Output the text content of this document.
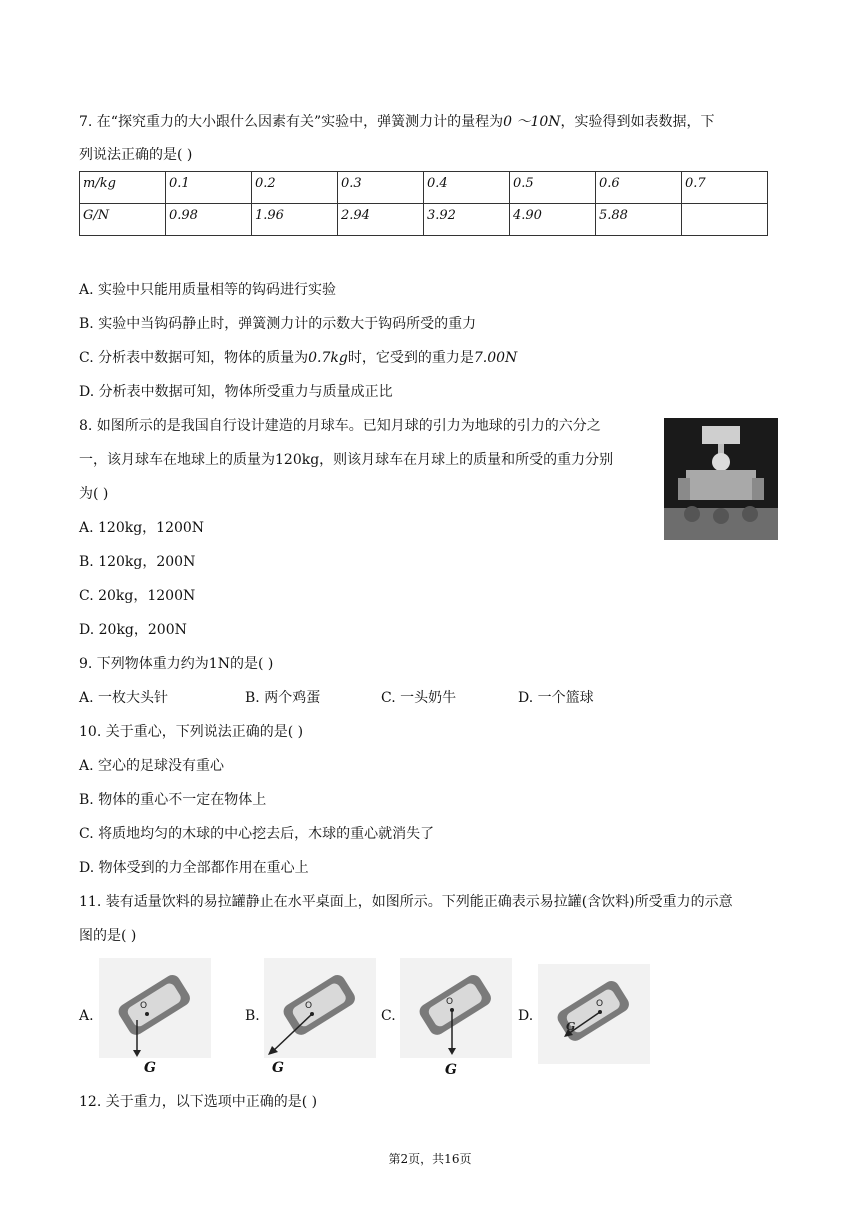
7. 在“探究重力的大小跟什么因素有关”实验中，弹簧测力计的量程为0 ～10N，实验得到如表数据，下
列说法正确的是( )
m/kg	0.1	0.2	0.3	0.4	0.5	0.6	0.7
G/N	0.98	1.96	2.94	3.92	4.90	5.88	
A. 实验中只能用质量相等的钩码进行实验
B. 实验中当钩码静止时，弹簧测力计的示数大于钩码所受的重力
C. 分析表中数据可知，物体的质量为0.7kg时，它受到的重力是7.00N
D. 分析表中数据可知，物体所受重力与质量成正比
8. 如图所示的是我国自行设计建造的月球车。已知月球的引力为地球的引力的六分之
一，该月球车在地球上的质量为120kg，则该月球车在月球上的质量和所受的重力分别
为( )
A. 120kg，1200N
B. 120kg，200N
C. 20kg，1200N
D. 20kg，200N
9. 下列物体重力约为1N的是( )
A. 一枚大头针	B. 两个鸡蛋	C. 一头奶牛	D. 一个篮球
10. 关于重心，下列说法正确的是( )
A. 空心的足球没有重心
B. 物体的重心不一定在物体上
C. 将质地均匀的木球的中心挖去后，木球的重心就消失了
D. 物体受到的力全部都作用在重心上
11. 装有适量饮料的易拉罐静止在水平桌面上，如图所示。下列能正确表示易拉罐(含饮料)所受重力的示意
图的是( )
A.
O
G
B.
O
G
C.
O
G
D.
O
G
12. 关于重力，以下选项中正确的是( )
第2页，共16页
